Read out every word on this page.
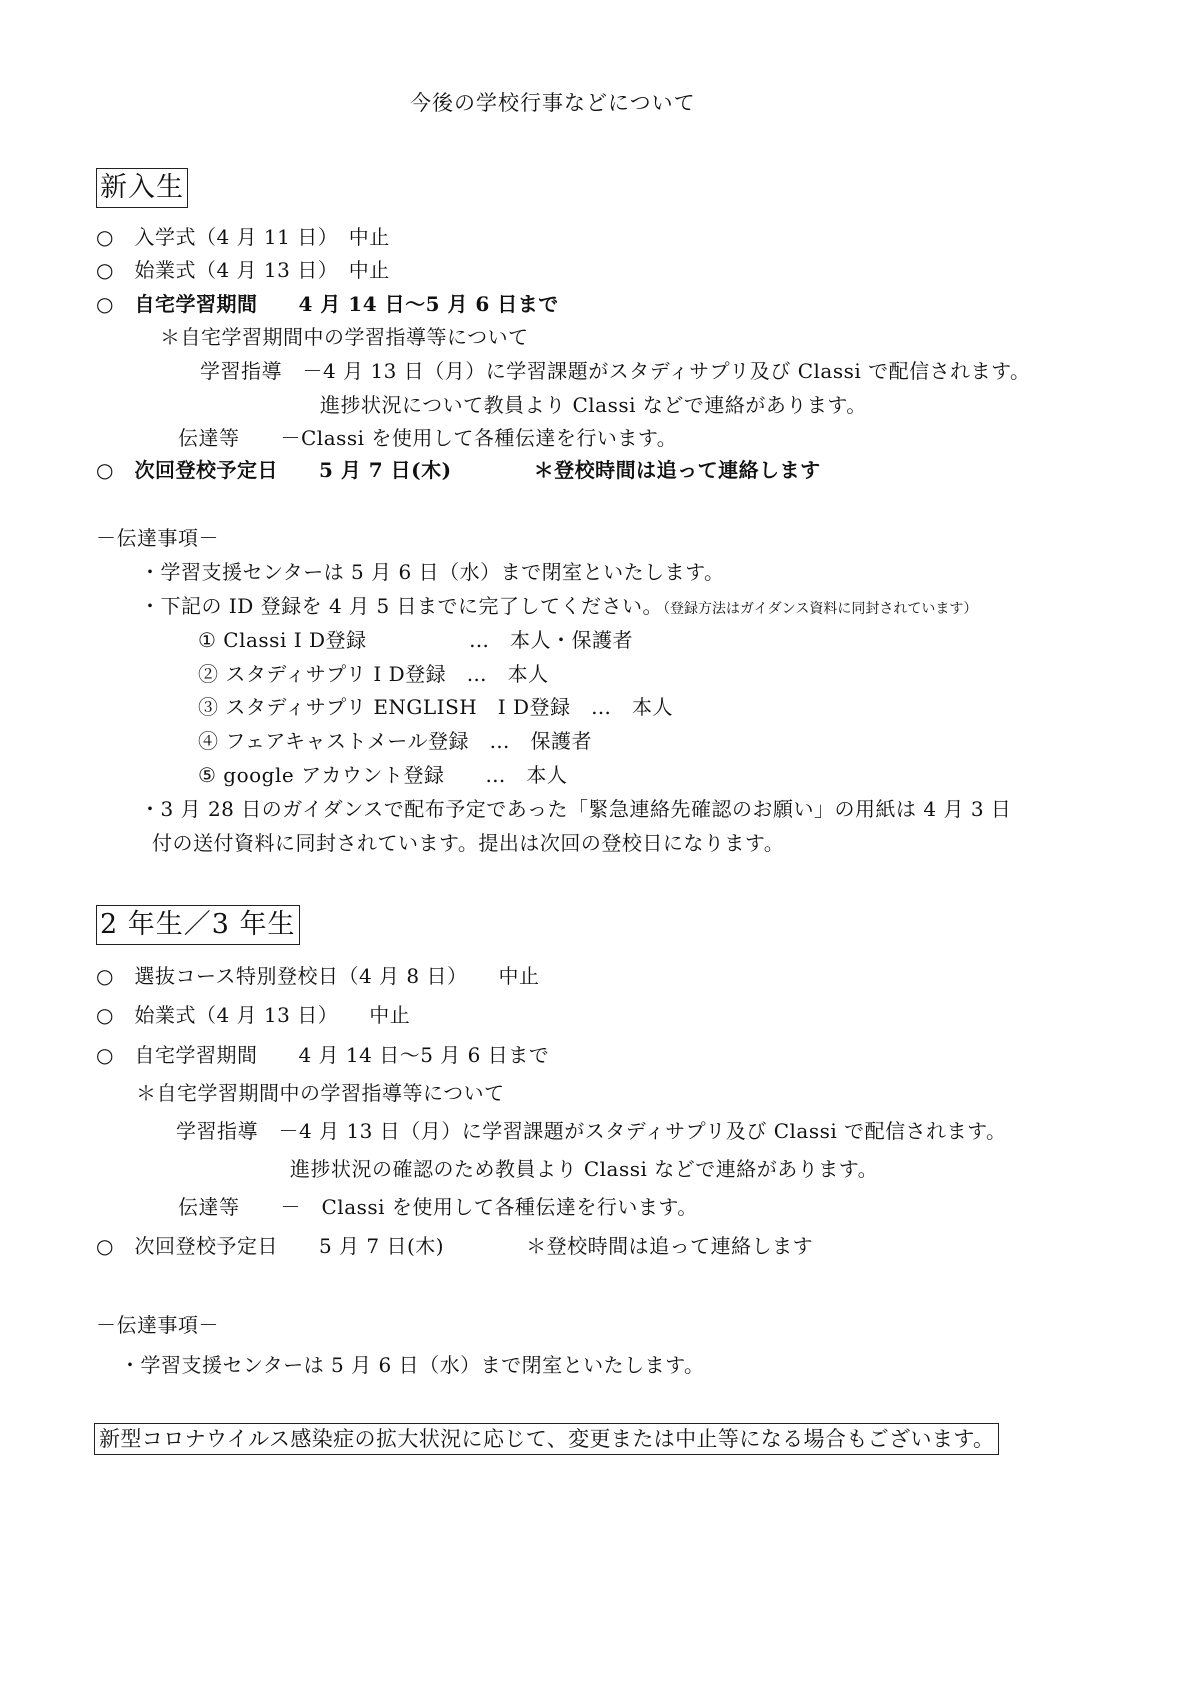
今後の学校行事などについて
新入生
○　入学式（4 月 11 日）　中止
○　始業式（4 月 13 日）　中止
○　自宅学習期間　　4 月 14 日～5 月 6 日まで
＊自宅学習期間中の学習指導等について
学習指導　－4 月 13 日（月）に学習課題がスタディサプリ及び Classi で配信されます。
進捗状況について教員より Classi などで連絡があります。
伝達等　　－Classi を使用して各種伝達を行います。
○　次回登校予定日　　5 月 7 日(木)　　　　＊登校時間は追って連絡します
－伝達事項－
・学習支援センターは 5 月 6 日（水）まで閉室といたします。
・下記の ID 登録を 4 月 5 日までに完了してください。（登録方法はガイダンス資料に同封されています）
① Classi I D登録　　　　　…　本人・保護者
② スタディサプリ I D登録　…　本人
③ スタディサプリ ENGLISH　I D登録　…　本人
④ フェアキャストメール登録　…　保護者
⑤ google アカウント登録　　…　本人
・3 月 28 日のガイダンスで配布予定であった「緊急連絡先確認のお願い」の用紙は 4 月 3 日
付の送付資料に同封されています。提出は次回の登校日になります。
2 年生／3 年生
○　選抜コース特別登校日（4 月 8 日）　　中止
○　始業式（4 月 13 日）　　中止
○　自宅学習期間　　4 月 14 日～5 月 6 日まで
＊自宅学習期間中の学習指導等について
学習指導　－4 月 13 日（月）に学習課題がスタディサプリ及び Classi で配信されます。
進捗状況の確認のため教員より Classi などで連絡があります。
伝達等　　－　Classi を使用して各種伝達を行います。
○　次回登校予定日　　5 月 7 日(木)　　　　＊登校時間は追って連絡します
－伝達事項－
・学習支援センターは 5 月 6 日（水）まで閉室といたします。
新型コロナウイルス感染症の拡大状況に応じて、変更または中止等になる場合もございます。
